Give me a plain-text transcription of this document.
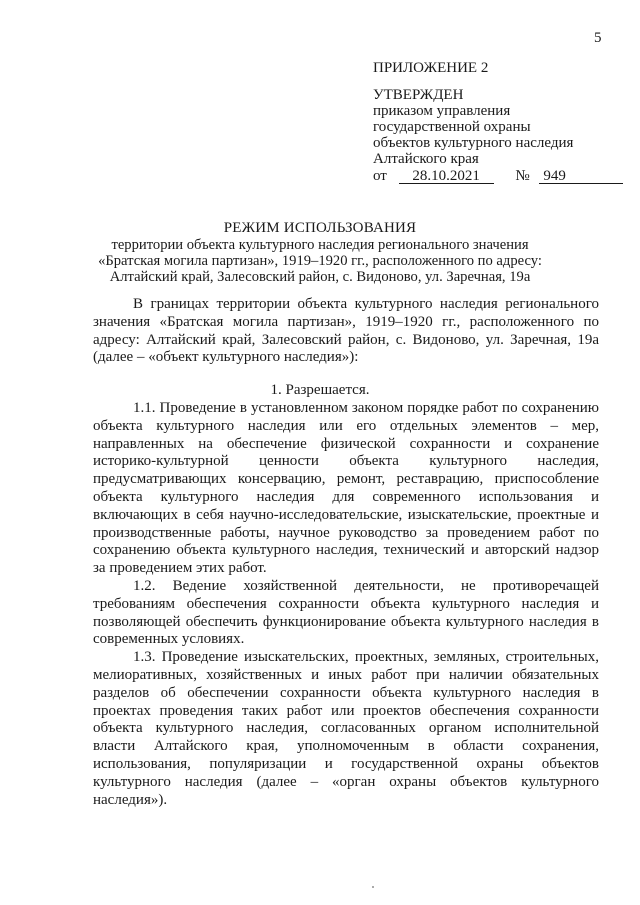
5
ПРИЛОЖЕНИЕ 2
УТВЕРЖДЕН
приказом управления
государственной охраны
объектов культурного наследия
Алтайского края
от 28.10.2021 № 949
РЕЖИМ ИСПОЛЬЗОВАНИЯ
территории объекта культурного наследия регионального значения
«Братская могила партизан», 1919–1920 гг., расположенного по адресу:
Алтайский край, Залесовский район, с. Видоново, ул. Заречная, 19а

В границах территории объекта культурного наследия регионального значения «Братская могила партизан», 1919–1920 гг., расположенного по адресу: Алтайский край, Залесовский район, с. Видоново, ул. Заречная, 19а (далее – «объект культурного наследия»):

1. Разрешается.

1.1. Проведение в установленном законом порядке работ по сохранению объекта культурного наследия или его отдельных элементов – мер, направленных на обеспечение физической сохранности и сохранение историко-культурной ценности объекта культурного наследия, предусматривающих консервацию, ремонт, реставрацию, приспособление объекта культурного наследия для современного использования и включающих в себя научно-исследовательские, изыскательские, проектные и производственные работы, научное руководство за проведением работ по сохранению объекта культурного наследия, технический и авторский надзор за проведением этих работ.

1.2. Ведение хозяйственной деятельности, не противоречащей требованиям обеспечения сохранности объекта культурного наследия и позволяющей обеспечить функционирование объекта культурного наследия в современных условиях.

1.3. Проведение изыскательских, проектных, земляных, строительных, мелиоративных, хозяйственных и иных работ при наличии обязательных разделов об обеспечении сохранности объекта культурного наследия в проектах проведения таких работ или проектов обеспечения сохранности объекта культурного наследия, согласованных органом исполнительной власти Алтайского края, уполномоченным в области сохранения, использования, популяризации и государственной охраны объектов культурного наследия (далее – «орган охраны объектов культурного наследия»).
